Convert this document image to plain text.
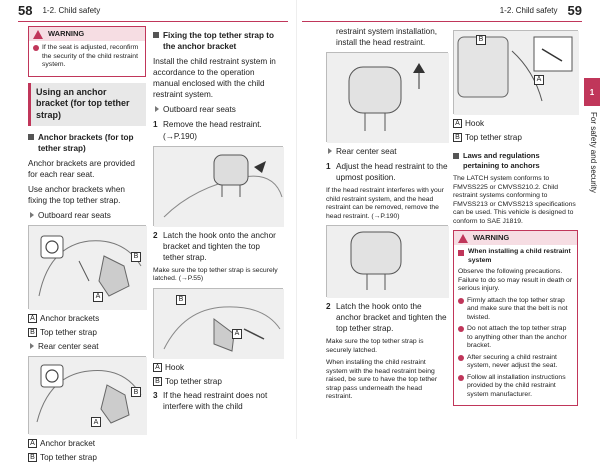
58 1-2. Child safety	1-2. Child safety 59
WARNING
If the seat is adjusted, reconfirm the security of the child restraint system.
Using an anchor bracket (for top tether strap)
Anchor brackets (for top tether strap)
Anchor brackets are provided for each rear seat.
Use anchor brackets when fixing the top tether strap.
Outboard rear seats
B
A
A Anchor brackets
B Top tether strap
Rear center seat
B
A
A Anchor bracket
B Top tether strap
Fixing the top tether strap to the anchor bracket
Install the child restraint system in accordance to the operation manual enclosed with the child restraint system.
Outboard rear seats
1 Remove the head restraint. (→P.190)
2 Latch the hook onto the anchor bracket and tighten the top tether strap.
Make sure the top tether strap is securely latched. (→P.55)
B
A
A Hook
B Top tether strap
3 If the head restraint does not interfere with the child
restraint system installation, install the head restraint.
Rear center seat
1 Adjust the head restraint to the upmost position.
If the head restraint interferes with your child restraint system, and the head restraint can be removed, remove the head restraint. (→P.190)
2 Latch the hook onto the anchor bracket and tighten the top tether strap.
Make sure the top tether strap is securely latched.
When installing the child restraint system with the head restraint being raised, be sure to have the top tether strap pass underneath the head restraint.
B
A
A Hook
B Top tether strap
Laws and regulations pertaining to anchors
The LATCH system conforms to FMVSS225 or CMVSS210.2. Child restraint systems conforming to FMVSS213 or CMVSS213 specifications can be used. This vehicle is designed to conform to SAE J1819.
WARNING
When installing a child restraint system
Observe the following precautions. Failure to do so may result in death or serious injury.
Firmly attach the top tether strap and make sure that the belt is not twisted.
Do not attach the top tether strap to anything other than the anchor bracket.
After securing a child restraint system, never adjust the seat.
Follow all installation instructions provided by the child restraint system manufacturer.
1
For safety and security
